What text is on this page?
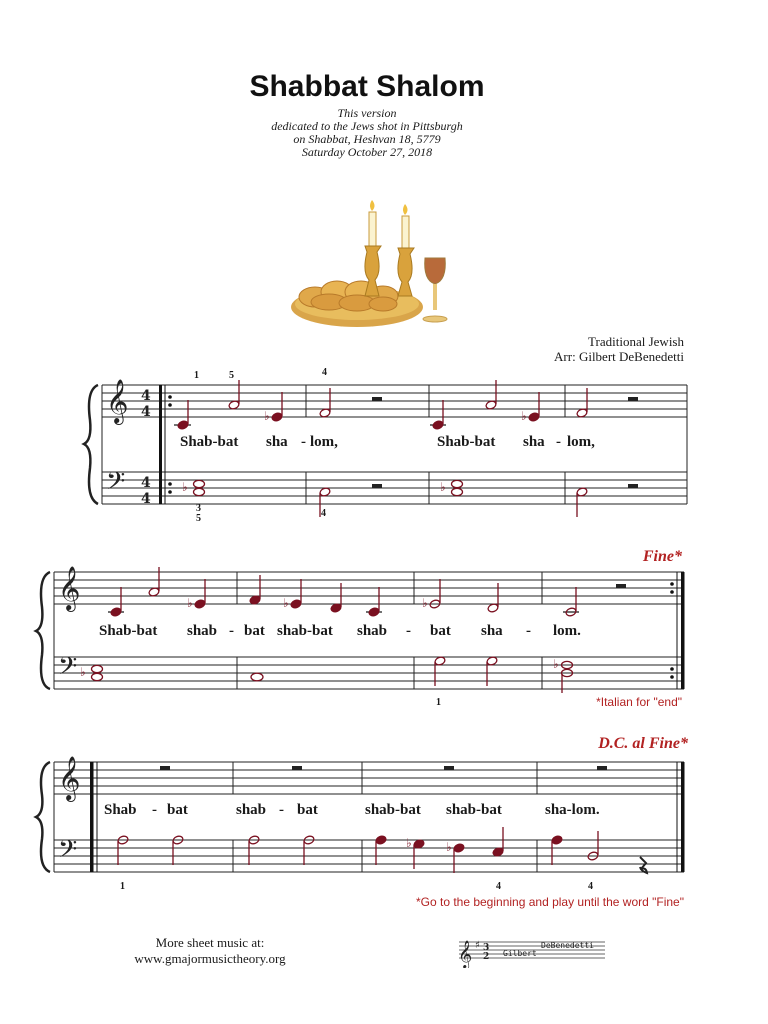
Shabbat Shalom
This version
dedicated to the Jews shot in Pittsburgh
on Shabbat, Heshvan 18, 5779
Saturday October 27, 2018
Traditional Jewish
Arr: Gilbert DeBenedetti
𝄞
𝄢
4
4
4
4
♭	♭
♭	♭
1	5	4
3
5	4
Shab-bat sha - lom,	Shab-bat sha - lom,
Fine*
𝄞
𝄢
♭	♭	♭
♭
♭
Shab-bat shab - bat shab-bat shab - bat sha - lom.
1	*Italian for "end"
D.C. al Fine*
𝄞
𝄢	♭	♭
Shab - bat	shab - bat	shab-bat shab-bat	sha-lom.
1	4	4
*Go to the beginning and play until the word "Fine"
More sheet music at:
www.gmajormusictheory.org	𝄞 ♯ 3
2 Gilbert
DeBenedetti
